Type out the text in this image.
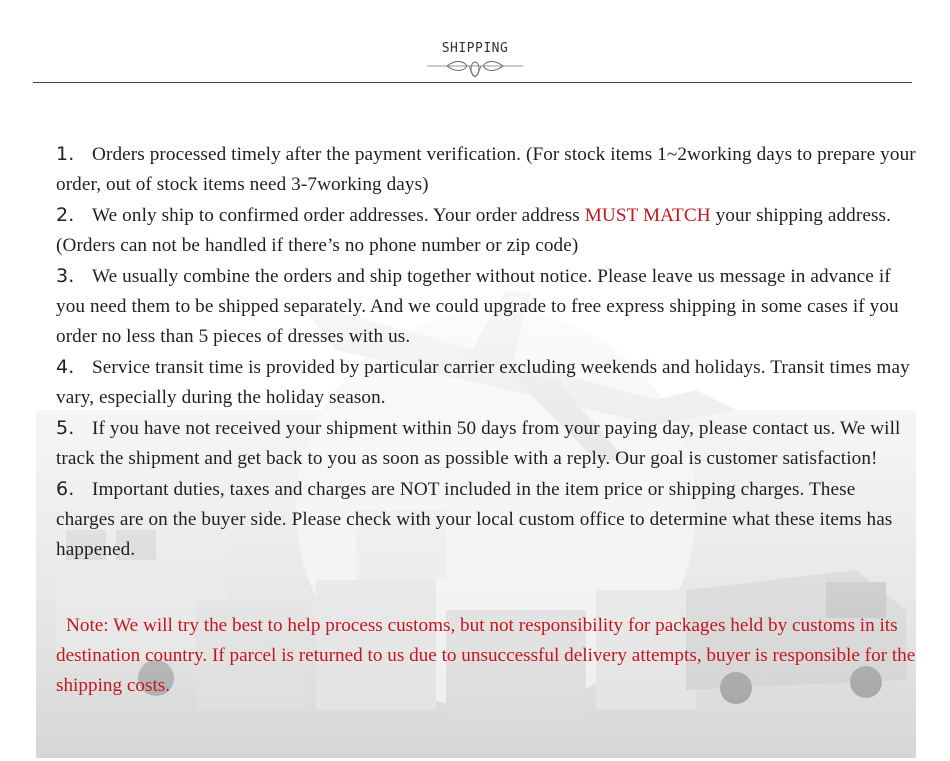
SHIPPING

1. Orders processed timely after the payment verification. (For stock items 1~2working days to prepare your order, out of stock items need 3-7working days)

2. We only ship to confirmed order addresses. Your order address MUST MATCH your shipping address. (Orders can not be handled if there’s no phone number or zip code)

3. We usually combine the orders and ship together without notice. Please leave us message in advance if you need them to be shipped separately. And we could upgrade to free express shipping in some cases if you order no less than 5 pieces of dresses with us.

4. Service transit time is provided by particular carrier excluding weekends and holidays. Transit times may vary, especially during the holiday season.

5. If you have not received your shipment within 50 days from your paying day, please contact us. We will track the shipment and get back to you as soon as possible with a reply. Our goal is customer satisfaction!

6. Important duties, taxes and charges are NOT included in the item price or shipping charges. These charges are on the buyer side. Please check with your local custom office to determine what these items has happened.

Note: We will try the best to help process customs, but not responsibility for packages held by customs in its destination country. If parcel is returned to us due to unsuccessful delivery attempts, buyer is responsible for the shipping costs.
